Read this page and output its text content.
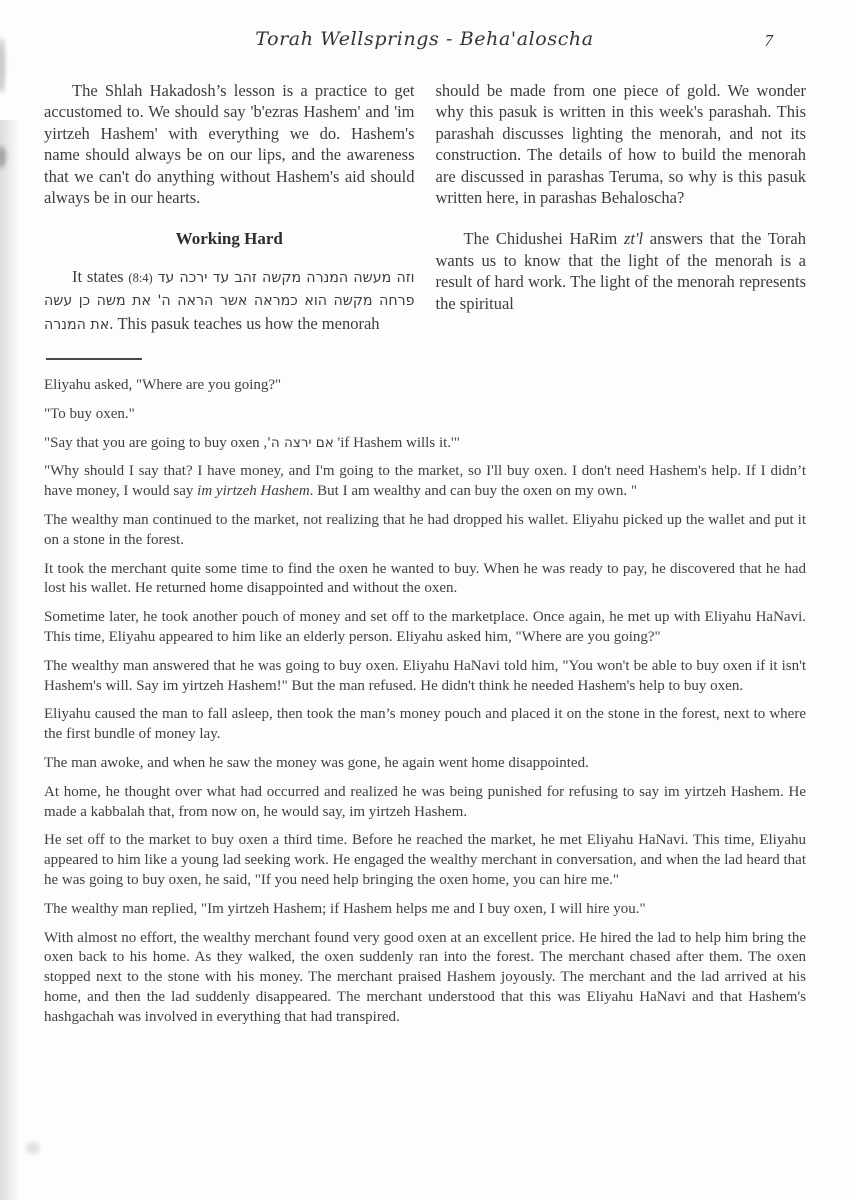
Torah Wellsprings - Beha'aloscha	7

The Shlah Hakadosh’s lesson is a practice to get accustomed to. We should say 'b'ezras Hashem' and 'im yirtzeh Hashem' with everything we do. Hashem's name should always be on our lips, and the awareness that we can't do anything without Hashem's aid should always be in our hearts.

Working Hard

It states (8:4) וזה מעשה המנרה מקשה זהב עד ירכה עד פרחה מקשה הוא כמראה אשר הראה ה' את משה כן עשה את המנרה. This pasuk teaches us how the menorah

should be made from one piece of gold. We wonder why this pasuk is written in this week's parashah. This parashah discusses lighting the menorah, and not its construction. The details of how to build the menorah are discussed in parashas Teruma, so why is this pasuk written here, in parashas Behaloscha?

The Chidushei HaRim zt'l answers that the Torah wants us to know that the light of the menorah is a result of hard work. The light of the menorah represents the spiritual

Eliyahu asked, "Where are you going?"

"To buy oxen."

"Say that you are going to buy oxen ,אם ירצה ה' 'if Hashem wills it.'"

"Why should I say that? I have money, and I'm going to the market, so I'll buy oxen. I don't need Hashem's help. If I didn’t have money, I would say im yirtzeh Hashem. But I am wealthy and can buy the oxen on my own. "

The wealthy man continued to the market, not realizing that he had dropped his wallet. Eliyahu picked up the wallet and put it on a stone in the forest.

It took the merchant quite some time to find the oxen he wanted to buy. When he was ready to pay, he discovered that he had lost his wallet. He returned home disappointed and without the oxen.

Sometime later, he took another pouch of money and set off to the marketplace. Once again, he met up with Eliyahu HaNavi. This time, Eliyahu appeared to him like an elderly person. Eliyahu asked him, "Where are you going?"

The wealthy man answered that he was going to buy oxen. Eliyahu HaNavi told him, "You won't be able to buy oxen if it isn't Hashem's will. Say im yirtzeh Hashem!" But the man refused. He didn't think he needed Hashem's help to buy oxen.

Eliyahu caused the man to fall asleep, then took the man’s money pouch and placed it on the stone in the forest, next to where the first bundle of money lay.

The man awoke, and when he saw the money was gone, he again went home disappointed.

At home, he thought over what had occurred and realized he was being punished for refusing to say im yirtzeh Hashem. He made a kabbalah that, from now on, he would say, im yirtzeh Hashem.

He set off to the market to buy oxen a third time. Before he reached the market, he met Eliyahu HaNavi. This time, Eliyahu appeared to him like a young lad seeking work. He engaged the wealthy merchant in conversation, and when the lad heard that he was going to buy oxen, he said, "If you need help bringing the oxen home, you can hire me."

The wealthy man replied, "Im yirtzeh Hashem; if Hashem helps me and I buy oxen, I will hire you."

With almost no effort, the wealthy merchant found very good oxen at an excellent price. He hired the lad to help him bring the oxen back to his home. As they walked, the oxen suddenly ran into the forest. The merchant chased after them. The oxen stopped next to the stone with his money. The merchant praised Hashem joyously. The merchant and the lad arrived at his home, and then the lad suddenly disappeared. The merchant understood that this was Eliyahu HaNavi and that Hashem's hashgachah was involved in everything that had transpired.
